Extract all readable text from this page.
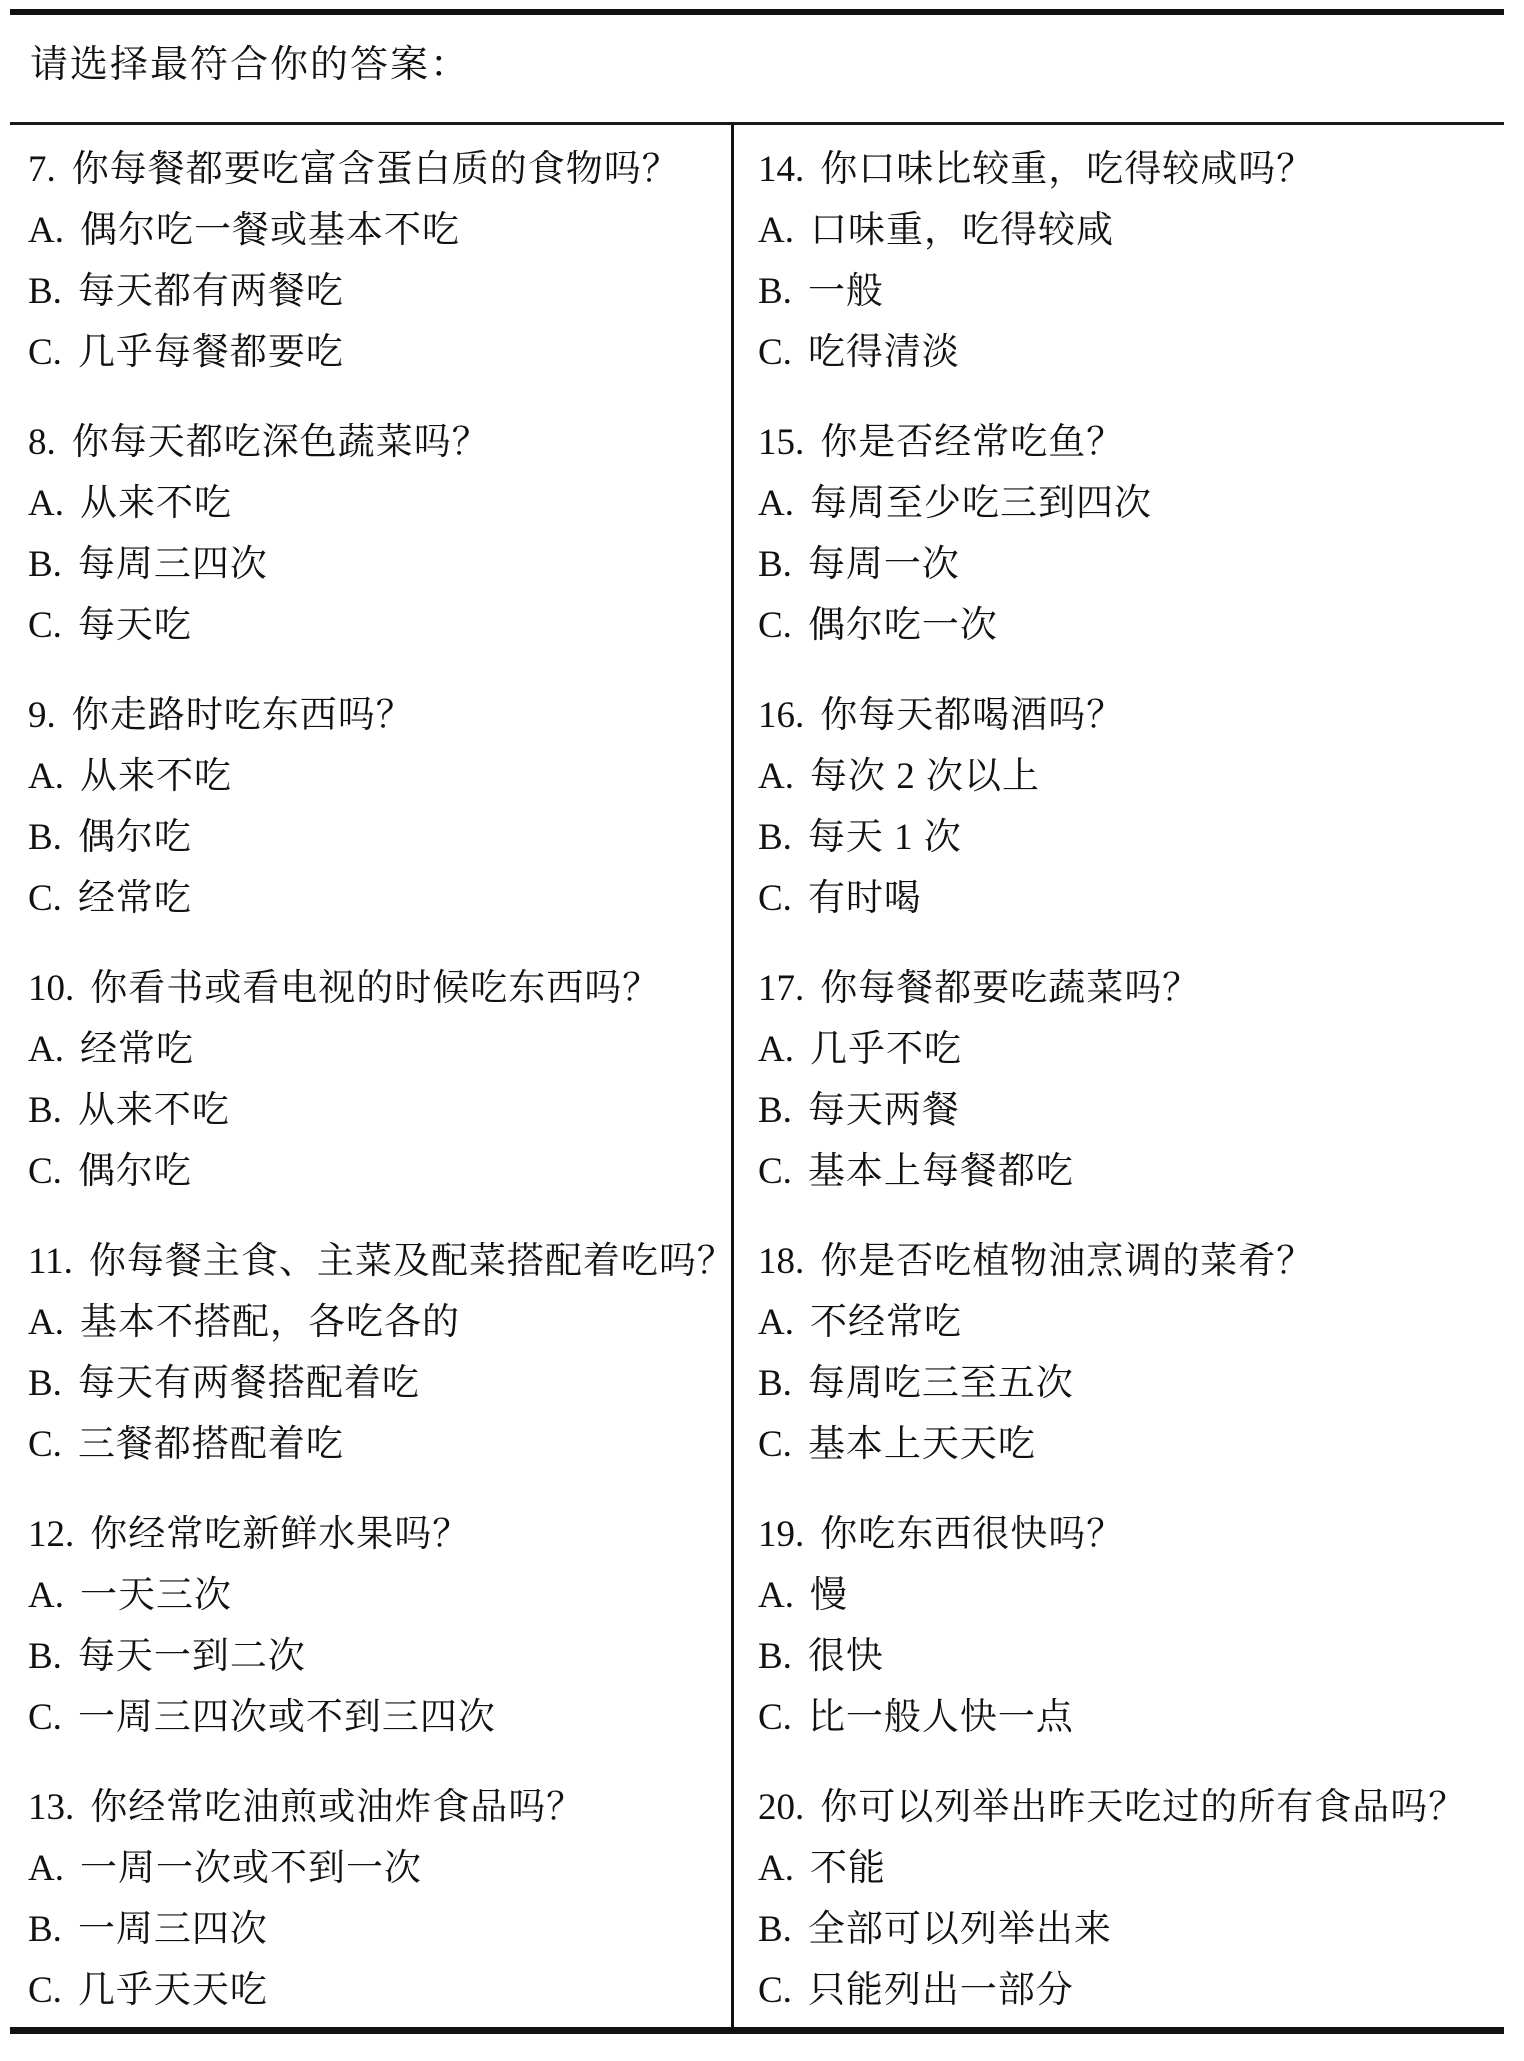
请选择最符合你的答案：
7. 你每餐都要吃富含蛋白质的食物吗？
A. 偶尔吃一餐或基本不吃
B. 每天都有两餐吃
C. 几乎每餐都要吃
8. 你每天都吃深色蔬菜吗？
A. 从来不吃
B. 每周三四次
C. 每天吃
9. 你走路时吃东西吗？
A. 从来不吃
B. 偶尔吃
C. 经常吃
10. 你看书或看电视的时候吃东西吗？
A. 经常吃
B. 从来不吃
C. 偶尔吃
11. 你每餐主食、主菜及配菜搭配着吃吗？
A. 基本不搭配，各吃各的
B. 每天有两餐搭配着吃
C. 三餐都搭配着吃
12. 你经常吃新鲜水果吗？
A. 一天三次
B. 每天一到二次
C. 一周三四次或不到三四次
13. 你经常吃油煎或油炸食品吗？
A. 一周一次或不到一次
B. 一周三四次
C. 几乎天天吃
14. 你口味比较重，吃得较咸吗？
A. 口味重，吃得较咸
B. 一般
C. 吃得清淡
15. 你是否经常吃鱼？
A. 每周至少吃三到四次
B. 每周一次
C. 偶尔吃一次
16. 你每天都喝酒吗？
A. 每次 2 次以上
B. 每天 1 次
C. 有时喝
17. 你每餐都要吃蔬菜吗？
A. 几乎不吃
B. 每天两餐
C. 基本上每餐都吃
18. 你是否吃植物油烹调的菜肴？
A. 不经常吃
B. 每周吃三至五次
C. 基本上天天吃
19. 你吃东西很快吗？
A. 慢
B. 很快
C. 比一般人快一点
20. 你可以列举出昨天吃过的所有食品吗？
A. 不能
B. 全部可以列举出来
C. 只能列出一部分
